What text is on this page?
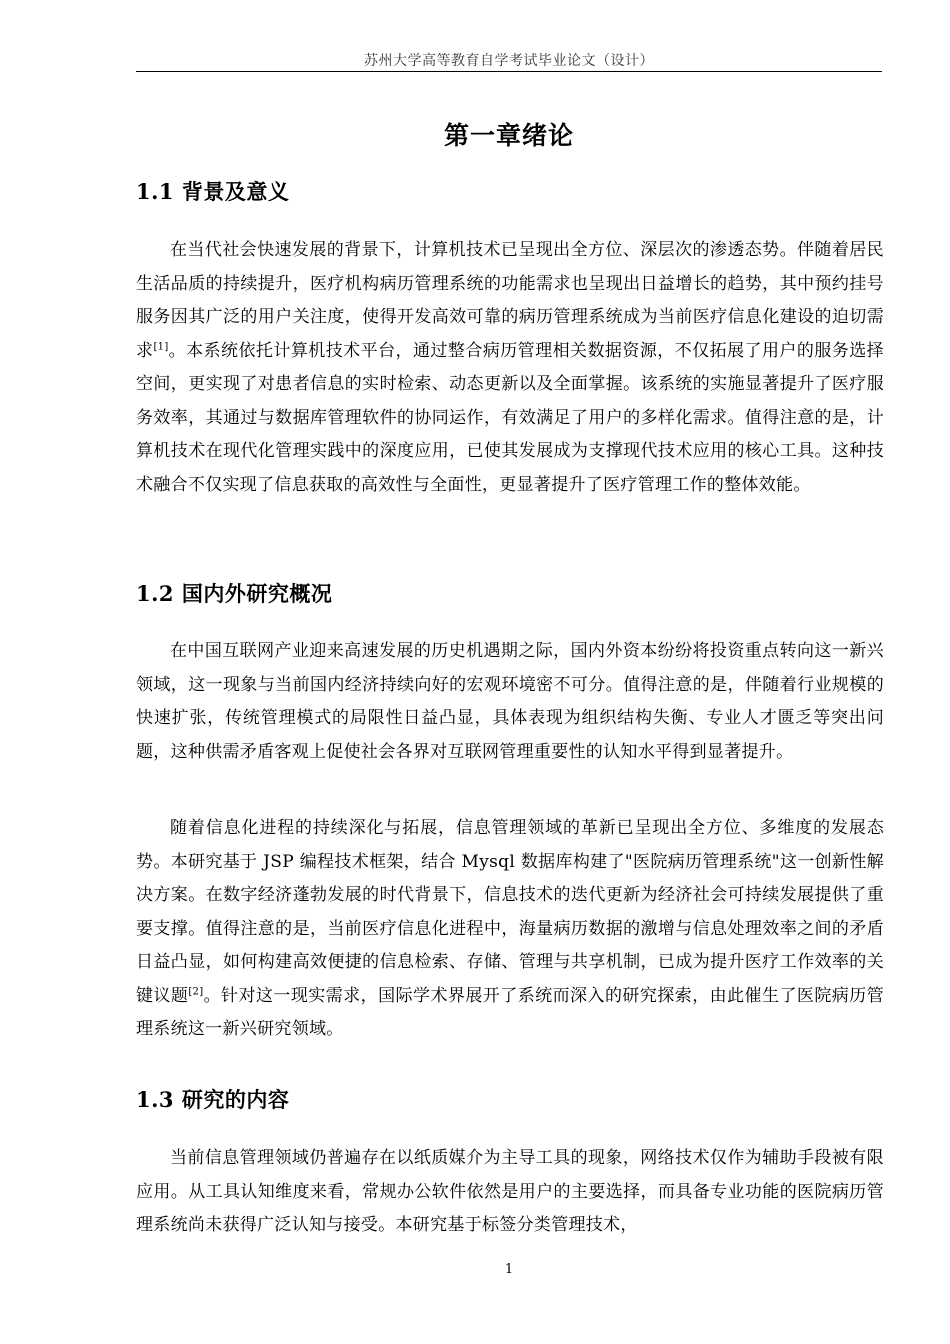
苏州大学高等教育自学考试毕业论文（设计）
第一章绪论
1.1 背景及意义

在当代社会快速发展的背景下，计算机技术已呈现出全方位、深层次的渗透态势。伴随着居民生活品质的持续提升，医疗机构病历管理系统的功能需求也呈现出日益增长的趋势，其中预约挂号服务因其广泛的用户关注度，使得开发高效可靠的病历管理系统成为当前医疗信息化建设的迫切需求[1]。本系统依托计算机技术平台，通过整合病历管理相关数据资源，不仅拓展了用户的服务选择空间，更实现了对患者信息的实时检索、动态更新以及全面掌握。该系统的实施显著提升了医疗服务效率，其通过与数据库管理软件的协同运作，有效满足了用户的多样化需求。值得注意的是，计算机技术在现代化管理实践中的深度应用，已使其发展成为支撑现代技术应用的核心工具。这种技术融合不仅实现了信息获取的高效性与全面性，更显著提升了医疗管理工作的整体效能。

1.2 国内外研究概况

在中国互联网产业迎来高速发展的历史机遇期之际，国内外资本纷纷将投资重点转向这一新兴领域，这一现象与当前国内经济持续向好的宏观环境密不可分。值得注意的是，伴随着行业规模的快速扩张，传统管理模式的局限性日益凸显，具体表现为组织结构失衡、专业人才匮乏等突出问题，这种供需矛盾客观上促使社会各界对互联网管理重要性的认知水平得到显著提升。

随着信息化进程的持续深化与拓展，信息管理领域的革新已呈现出全方位、多维度的发展态势。本研究基于 JSP 编程技术框架，结合 Mysql 数据库构建了"医院病历管理系统"这一创新性解决方案。在数字经济蓬勃发展的时代背景下，信息技术的迭代更新为经济社会可持续发展提供了重要支撑。值得注意的是，当前医疗信息化进程中，海量病历数据的激增与信息处理效率之间的矛盾日益凸显，如何构建高效便捷的信息检索、存储、管理与共享机制，已成为提升医疗工作效率的关键议题[2]。针对这一现实需求，国际学术界展开了系统而深入的研究探索，由此催生了医院病历管理系统这一新兴研究领域。

1.3 研究的内容

当前信息管理领域仍普遍存在以纸质媒介为主导工具的现象，网络技术仅作为辅助手段被有限应用。从工具认知维度来看，常规办公软件依然是用户的主要选择，而具备专业功能的医院病历管理系统尚未获得广泛认知与接受。本研究基于标签分类管理技术，

1
